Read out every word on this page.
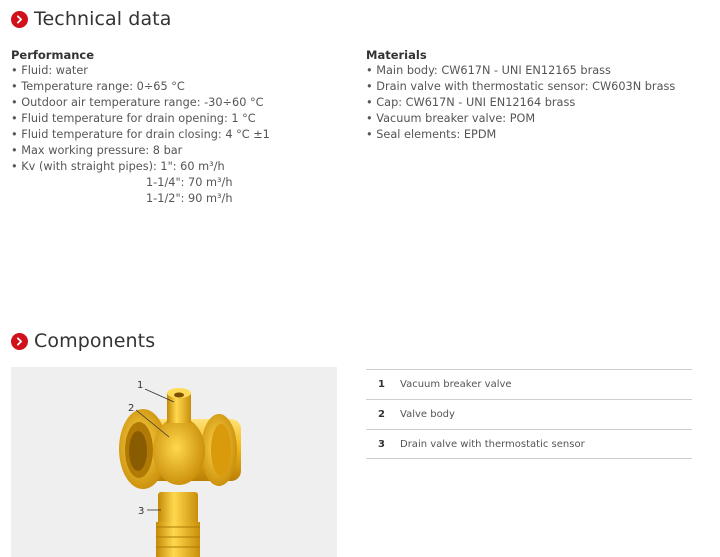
Technical data
Performance
• Fluid: water
• Temperature range: 0÷65 °C
• Outdoor air temperature range: -30÷60 °C
• Fluid temperature for drain opening: 1 °C
• Fluid temperature for drain closing: 4 °C ±1
• Max working pressure: 8 bar
• Kv (with straight pipes): 1": 60 m³/h
1-1/4": 70 m³/h
1-1/2": 90 m³/h
Materials
• Main body: CW617N - UNI EN12165 brass
• Drain valve with thermostatic sensor: CW603N brass
• Cap: CW617N - UNI EN12164 brass
• Vacuum breaker valve: POM
• Seal elements: EPDM
Components
1
2
3
1	Vacuum breaker valve
2	Valve body
3	Drain valve with thermostatic sensor
